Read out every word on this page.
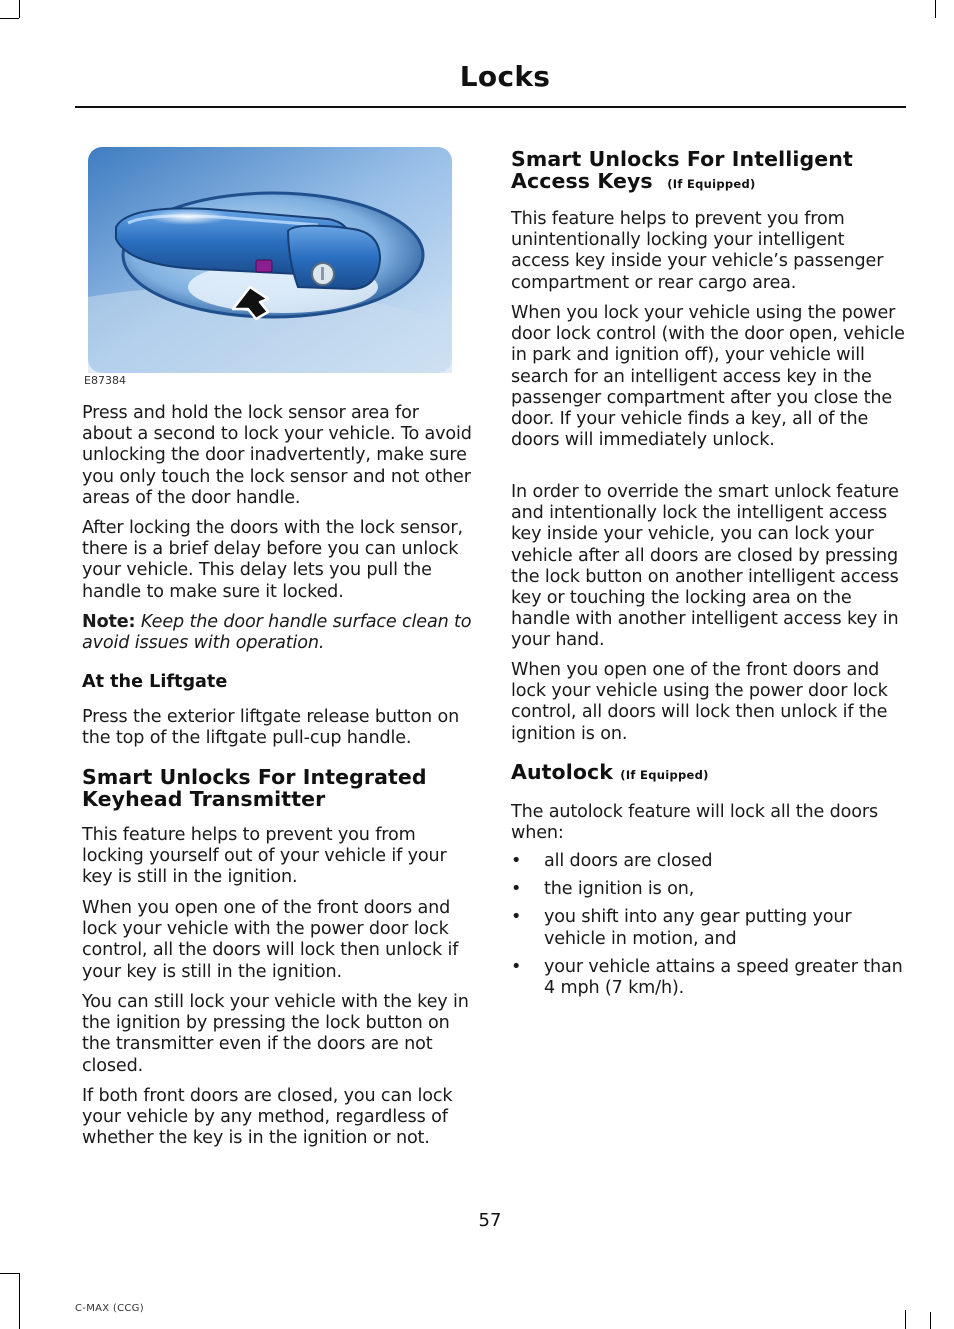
Locks
E87384

Press and hold the lock sensor area for about a second to lock your vehicle. To avoid unlocking the door inadvertently, make sure you only touch the lock sensor and not other areas of the door handle.

After locking the doors with the lock sensor, there is a brief delay before you can unlock your vehicle. This delay lets you pull the handle to make sure it locked.

Note: Keep the door handle surface clean to avoid issues with operation.

At the Liftgate

Press the exterior liftgate release button on the top of the liftgate pull-cup handle.

Smart Unlocks For Integrated Keyhead Transmitter

This feature helps to prevent you from locking yourself out of your vehicle if your key is still in the ignition.

When you open one of the front doors and lock your vehicle with the power door lock control, all the doors will lock then unlock if your key is still in the ignition.

You can still lock your vehicle with the key in the ignition by pressing the lock button on the transmitter even if the doors are not closed.

If both front doors are closed, you can lock your vehicle by any method, regardless of whether the key is in the ignition or not.

Smart Unlocks For Intelligent
Access Keys (If Equipped)

This feature helps to prevent you from unintentionally locking your intelligent access key inside your vehicle’s passenger compartment or rear cargo area.

When you lock your vehicle using the power door lock control (with the door open, vehicle in park and ignition off), your vehicle will search for an intelligent access key in the passenger compartment after you close the door. If your vehicle finds a key, all of the doors will immediately unlock.

In order to override the smart unlock feature and intentionally lock the intelligent access key inside your vehicle, you can lock your vehicle after all doors are closed by pressing the lock button on another intelligent access key or touching the locking area on the handle with another intelligent access key in your hand.

When you open one of the front doors and lock your vehicle using the power door lock control, all doors will lock then unlock if the ignition is on.

Autolock (If Equipped)

The autolock feature will lock all the doors when:

• all doors are closed
• the ignition is on,
• you shift into any gear putting your vehicle in motion, and
• your vehicle attains a speed greater than 4 mph (7 km/h).
57
C-MAX (CCG)
